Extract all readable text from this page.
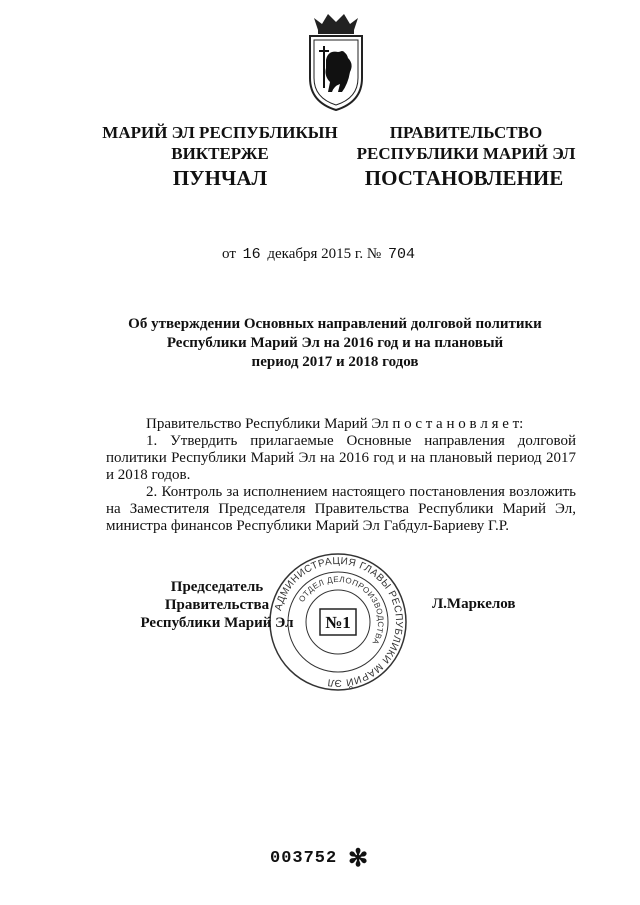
МАРИЙ ЭЛ РЕСПУБЛИКЫН
ВИКТЕРЖЕ
ПРАВИТЕЛЬСТВО
РЕСПУБЛИКИ МАРИЙ ЭЛ
ПУНЧАЛ	ПОСТАНОВЛЕНИЕ
от 16 декабря 2015 г. № 704
Об утверждении Основных направлений долговой политики
Республики Марий Эл на 2016 год и на плановый
период 2017 и 2018 годов

Правительство Республики Марий Эл п о с т а н о в л я е т:

1. Утвердить прилагаемые Основные направления долговой политики Республики Марий Эл на 2016 год и на плановый период 2017 и 2018 годов.

2. Контроль за исполнением настоящего постановления возложить на Заместителя Председателя Правительства Республики Марий Эл, министра финансов Республики Марий Эл Габдул-Бариеву Г.Р.

АДМИНИСТРАЦИЯ ГЛАВЫ РЕСПУБЛИКИ МАРИЙ ЭЛ
ОТДЕЛ ДЕЛОПРОИЗВОДСТВА
№1
Председатель Правительства
Республики Марий Эл
Л.Маркелов
003752 ✻
